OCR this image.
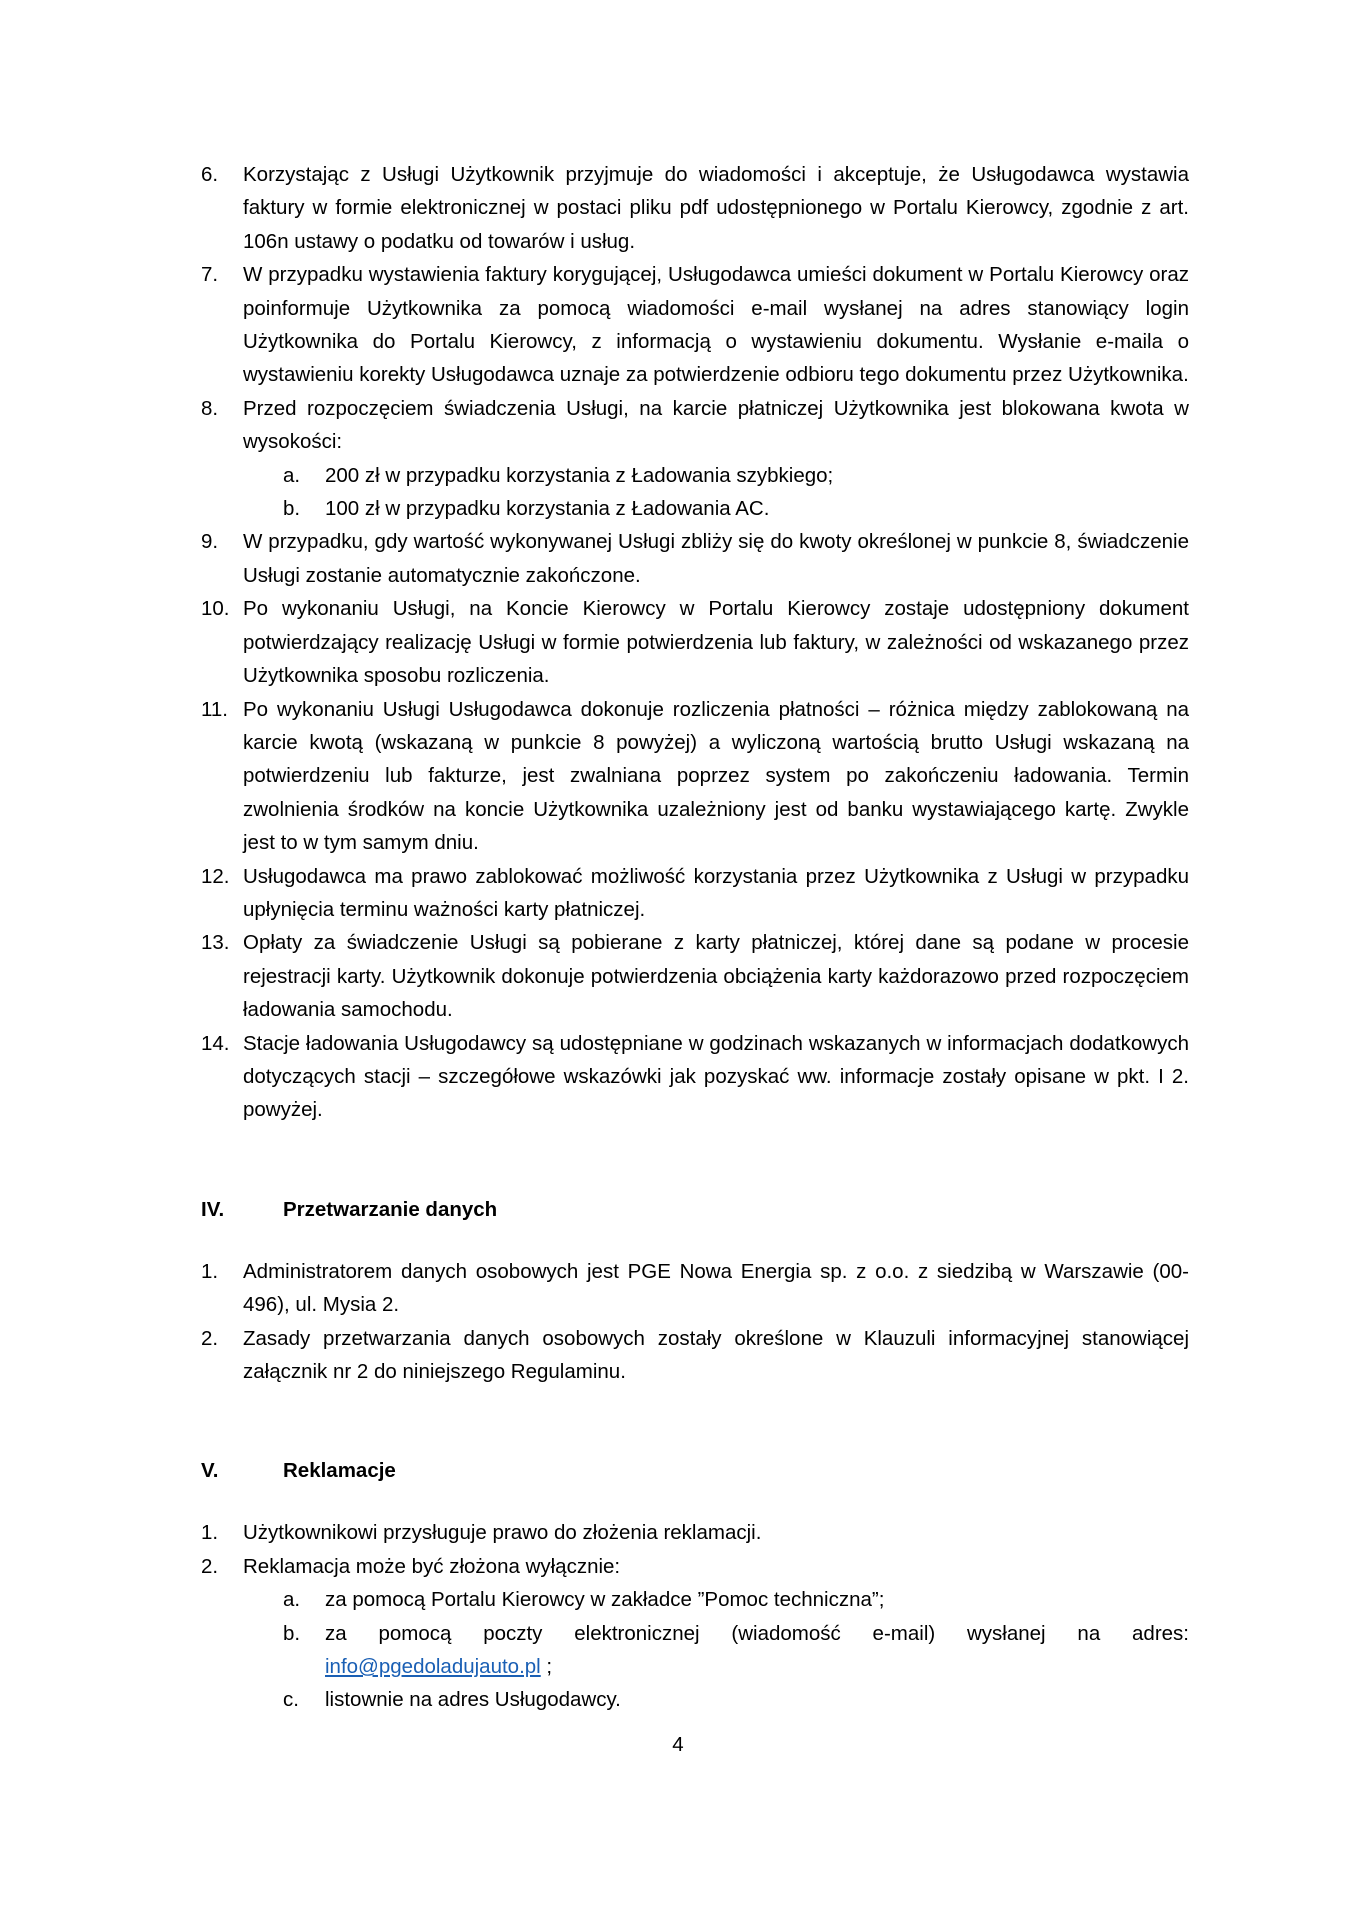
6.	Korzystając z Usługi Użytkownik przyjmuje do wiadomości i akceptuje, że Usługodawca wystawia faktury w formie elektronicznej w postaci pliku pdf udostępnionego w Portalu Kierowcy, zgodnie z art. 106n ustawy o podatku od towarów i usług.
7.	W przypadku wystawienia faktury korygującej, Usługodawca umieści dokument w Portalu Kierowcy oraz poinformuje Użytkownika za pomocą wiadomości e-mail wysłanej na adres stanowiący login Użytkownika do Portalu Kierowcy, z informacją o wystawieniu dokumentu. Wysłanie e-maila o wystawieniu korekty Usługodawca uznaje za potwierdzenie odbioru tego dokumentu przez Użytkownika.
8.	Przed rozpoczęciem świadczenia Usługi, na karcie płatniczej Użytkownika jest blokowana kwota w wysokości:
a.	200 zł w przypadku korzystania z Ładowania szybkiego;
b.	100 zł w przypadku korzystania z Ładowania AC.
9.	W przypadku, gdy wartość wykonywanej Usługi zbliży się do kwoty określonej w punkcie 8, świadczenie Usługi zostanie automatycznie zakończone.
10. Po wykonaniu Usługi, na Koncie Kierowcy w Portalu Kierowcy zostaje udostępniony dokument potwierdzający realizację Usługi w formie potwierdzenia lub faktury, w zależności od wskazanego przez Użytkownika sposobu rozliczenia.
11. Po wykonaniu Usługi Usługodawca dokonuje rozliczenia płatności – różnica między zablokowaną na karcie kwotą (wskazaną w punkcie 8 powyżej) a wyliczoną wartością brutto Usługi wskazaną na potwierdzeniu lub fakturze, jest zwalniana poprzez system po zakończeniu ładowania. Termin zwolnienia środków na koncie Użytkownika uzależniony jest od banku wystawiającego kartę. Zwykle jest to w tym samym dniu.
12. Usługodawca ma prawo zablokować możliwość korzystania przez Użytkownika z Usługi w przypadku upłynięcia terminu ważności karty płatniczej.
13. Opłaty za świadczenie Usługi są pobierane z karty płatniczej, której dane są podane w procesie rejestracji karty. Użytkownik dokonuje potwierdzenia obciążenia karty każdorazowo przed rozpoczęciem ładowania samochodu.
14. Stacje ładowania Usługodawcy są udostępniane w godzinach wskazanych w informacjach dodatkowych dotyczących stacji – szczegółowe wskazówki jak pozyskać ww. informacje zostały opisane w pkt. I 2. powyżej.
IV.	Przetwarzanie danych
1.	Administratorem danych osobowych jest PGE Nowa Energia sp. z o.o. z siedzibą w Warszawie (00-496), ul. Mysia 2.
2.	Zasady przetwarzania danych osobowych zostały określone w Klauzuli informacyjnej stanowiącej załącznik nr 2 do niniejszego Regulaminu.
V.	Reklamacje
1.	Użytkownikowi przysługuje prawo do złożenia reklamacji.
2.	Reklamacja może być złożona wyłącznie:
a.	za pomocą Portalu Kierowcy w zakładce ”Pomoc techniczna”;
b.	za pomocą poczty elektronicznej (wiadomość e-mail) wysłanej na adres: info@pgedoladujauto.pl ;
c.	listownie na adres Usługodawcy.
4
